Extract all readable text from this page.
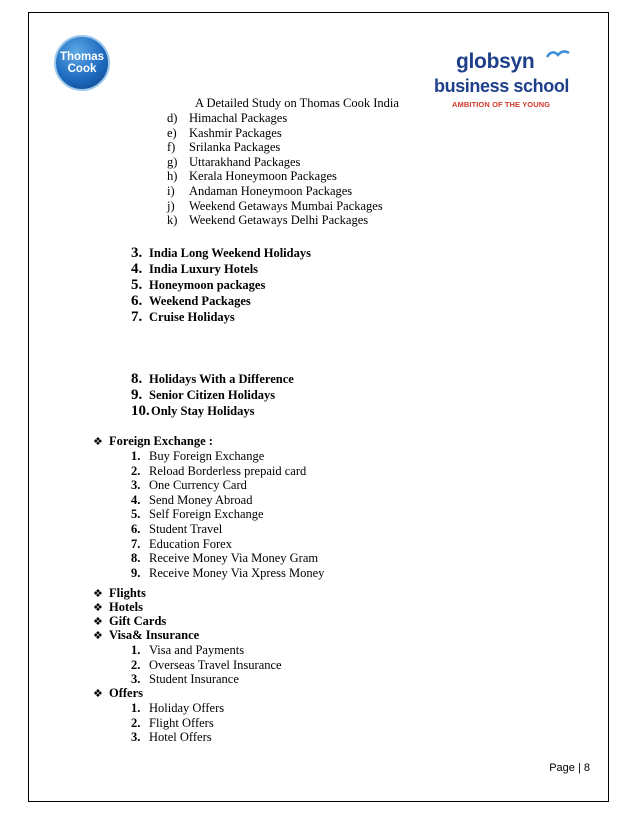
Thomas
Cook	globsyn
business school
AMBITION OF THE YOUNG
A Detailed Study on Thomas Cook India
d) Himachal Packages
e) Kashmir Packages
f) Srilanka Packages
g) Uttarakhand Packages
h) Kerala Honeymoon Packages
i) Andaman Honeymoon Packages
j) Weekend Getaways Mumbai Packages
k) Weekend Getaways Delhi Packages
3. India Long Weekend Holidays
4. India Luxury Hotels
5. Honeymoon packages
6. Weekend Packages
7. Cruise Holidays
8. Holidays With a Difference
9. Senior Citizen Holidays
10.Only Stay Holidays
❖ Foreign Exchange :
1. Buy Foreign Exchange
2. Reload Borderless prepaid card
3. One Currency Card
4. Send Money Abroad
5. Self Foreign Exchange
6. Student Travel
7. Education Forex
8. Receive Money Via Money Gram
9. Receive Money Via Xpress Money
❖ Flights
❖ Hotels
❖ Gift Cards
❖ Visa& Insurance
1. Visa and Payments
2. Overseas Travel Insurance
3. Student Insurance
❖ Offers
1. Holiday Offers
2. Flight Offers
3. Hotel Offers
Page | 8
